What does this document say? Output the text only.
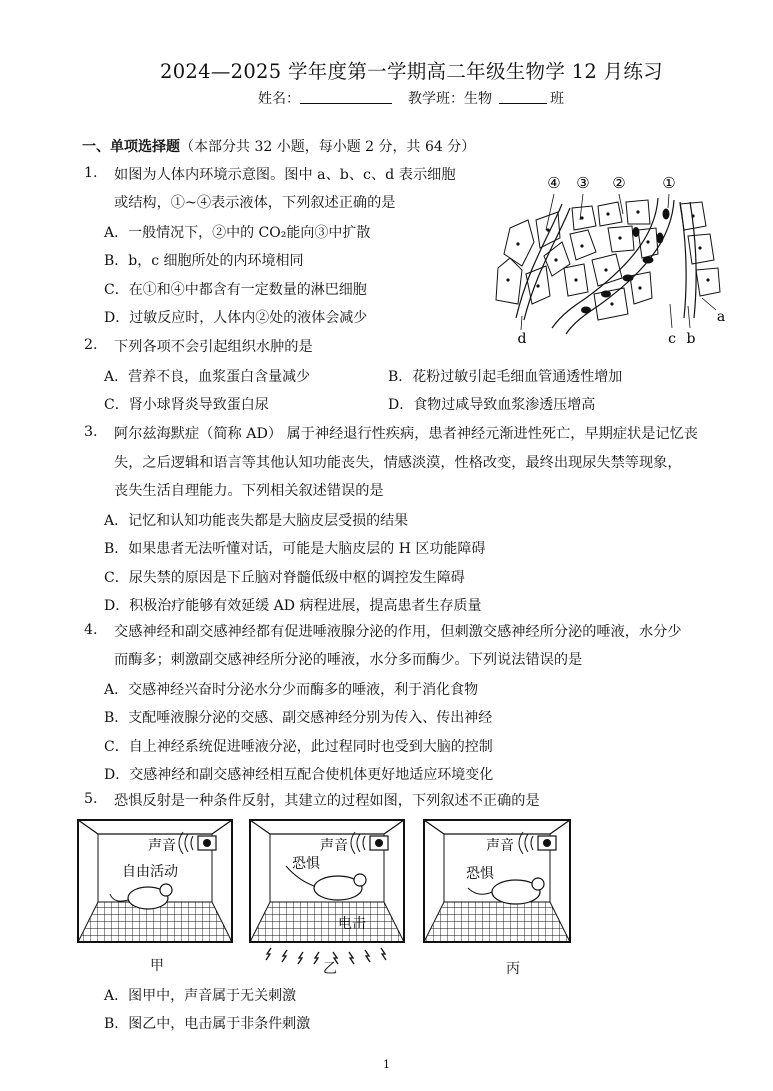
2024—2025 学年度第一学期高二年级生物学 12 月练习
姓名：	教学班：生物	班
一、单项选择题（本部分共 32 小题，每小题 2 分，共 64 分）
1. 如图为人体内环境示意图。图中 a、b、c、d 表示细胞
或结构，①~④表示液体，下列叙述正确的是
A．一般情况下，②中的 CO₂能向③中扩散
B．b，c 细胞所处的内环境相同
C．在①和④中都含有一定数量的淋巴细胞
D．过敏反应时，人体内②处的液体会减少
④ ③ ② ①
d	c b
a
2. 下列各项不会引起组织水肿的是
A．营养不良，血浆蛋白含量减少	B．花粉过敏引起毛细血管通透性增加
C．肾小球肾炎导致蛋白尿	D．食物过咸导致血浆渗透压增高
3. 阿尔兹海默症（简称 AD） 属于神经退行性疾病，患者神经元渐进性死亡，早期症状是记忆丧
失，之后逻辑和语言等其他认知功能丧失，情感淡漠，性格改变，最终出现尿失禁等现象，
丧失生活自理能力。下列相关叙述错误的是
A．记忆和认知功能丧失都是大脑皮层受损的结果
B．如果患者无法听懂对话，可能是大脑皮层的 H 区功能障碍
C．尿失禁的原因是下丘脑对脊髓低级中枢的调控发生障碍
D．积极治疗能够有效延缓 AD 病程进展，提高患者生存质量
4. 交感神经和副交感神经都有促进唾液腺分泌的作用，但刺激交感神经所分泌的唾液，水分少
而酶多；刺激副交感神经所分泌的唾液，水分多而酶少。下列说法错误的是
A．交感神经兴奋时分泌水分少而酶多的唾液，利于消化食物
B．支配唾液腺分泌的交感、副交感神经分别为传入、传出神经
C．自上神经系统促进唾液分泌，此过程同时也受到大脑的控制
D．交感神经和副交感神经相互配合使机体更好地适应环境变化
5. 恐惧反射是一种条件反射，其建立的过程如图，下列叙述不正确的是
声音
自由活动
声音
恐惧
电击
声音
恐惧
甲	乙	丙
A．图甲中，声音属于无关刺激
B．图乙中，电击属于非条件刺激
1
